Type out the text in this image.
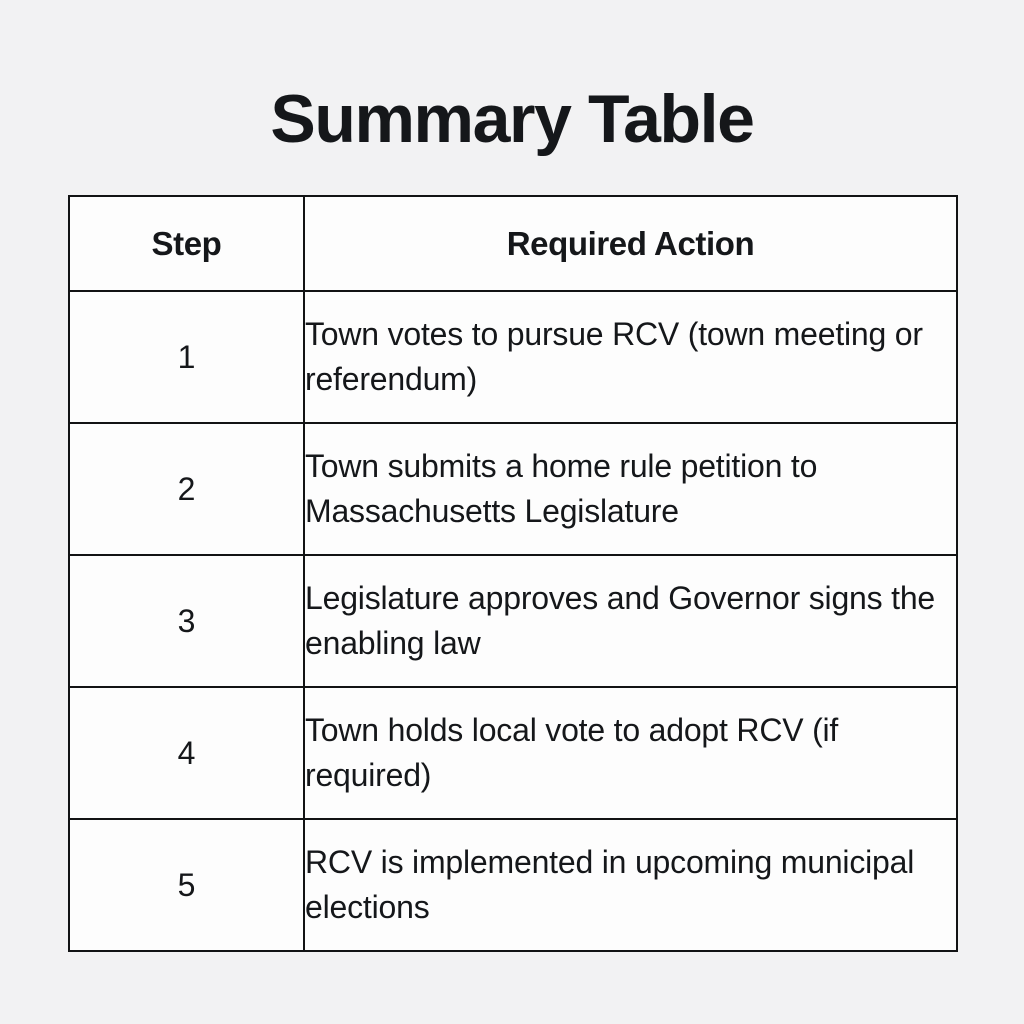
Summary Table
Step	Required Action

1	Town votes to pursue RCV (town meeting or referendum)

2	Town submits a home rule petition to Massachusetts Legislature

3	Legislature approves and Governor signs the enabling law

4	Town holds local vote to adopt RCV (if required)

5	RCV is implemented in upcoming municipal elections
